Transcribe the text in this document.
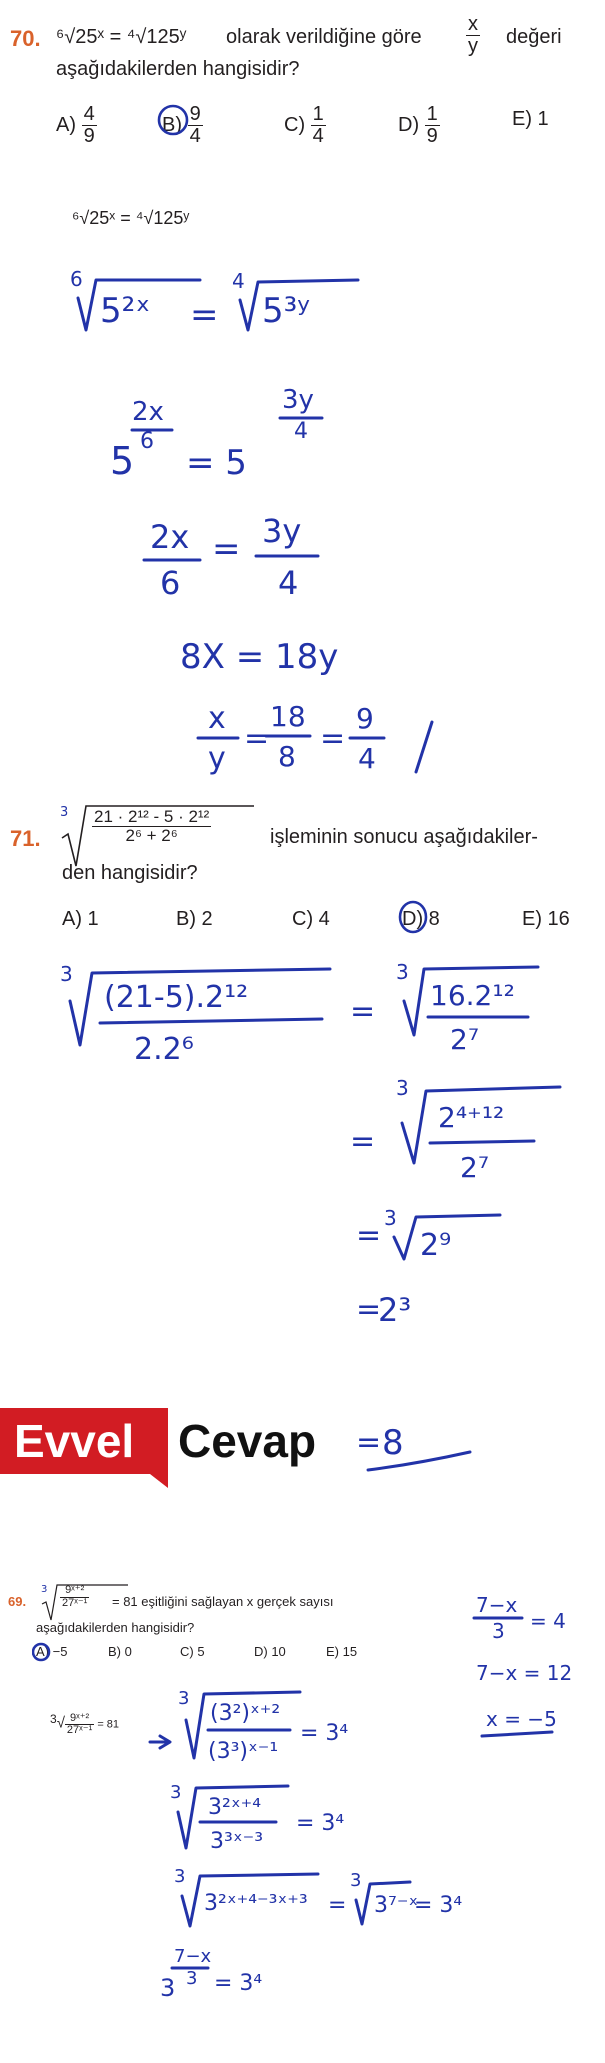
70. ⁶√25ˣ = ⁴√125ʸ olarak verildiğine göre $\frac{x}{y}$ değeri
aşağıdakilerden hangisidir?
$A) \frac{4}{9}$	$B) \frac{9}{4}$	$C) \frac{1}{4}$	$D) \frac{1}{9}$	E) 1
⁶√25ˣ = ⁴√125ʸ
6
5²ˣ =
4
5³ʸ
2x
6
5 = 5
3y
4
2x
6
= 3y
4
8X = 18y
x
y
=
18
8
=
9
4
71.
$3 \frac{\text{21 · 2¹² - 5 · 2¹²}}{\text{2⁶ + 2⁶}}$	işleminin sonucu aşağıdakiler-
den hangisidir?
A) 1	B) 2	C) 4	D) 8	E) 16
3
(21-5).2¹²
2.2⁶
=
3
16.2¹²
2⁷
=
3
2⁴⁺¹²
2⁷
= 3
2⁹
=
2³
Evvel Cevap = 8
69.
$3 \frac{\text{9ˣ⁺²}}{\text{27ˣ⁻¹}} = 81$ eşitliğini sağlayan x gerçek sayısı
aşağıdakilerden hangisidir?
A) −5	B) 0	C) 5	D) 10	E) 15
7−x
3 = 4
7−x = 12
x = −5
$3√ \frac{\text{9ˣ⁺²}}{\text{27ˣ⁻¹}} = 81$
3
(3²)ˣ⁺²
(3³)ˣ⁻¹
= 3⁴
3
3²ˣ⁺⁴
3³ˣ⁻³
= 3⁴
3
3²ˣ⁺⁴⁻³ˣ⁺³ =
3
3⁷⁻ˣ
= 3⁴
7−x
3
3 = 3⁴
